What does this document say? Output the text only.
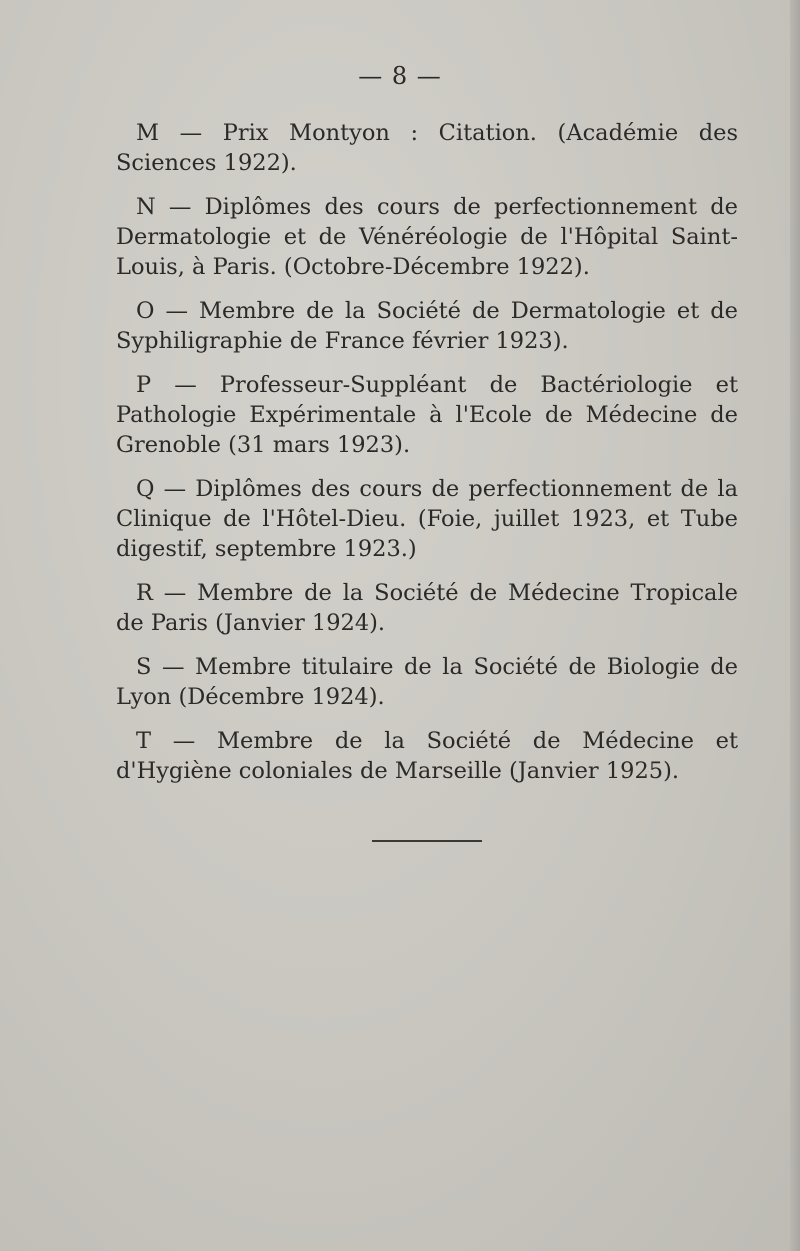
— 8 —

M — Prix Montyon : Citation. (Académie des Sciences 1922).

N — Diplômes des cours de perfectionnement de Dermatologie et de Vénéréologie de l'Hôpital Saint-Louis, à Paris. (Octobre-Décembre 1922).

O — Membre de la Société de Dermatologie et de Syphiligraphie de France février 1923).

P — Professeur-Suppléant de Bactériologie et Pathologie Expérimentale à l'Ecole de Médecine de Grenoble (31 mars 1923).

Q — Diplômes des cours de perfectionnement de la Clinique de l'Hôtel-Dieu. (Foie, juillet 1923, et Tube digestif, septembre 1923.)

R — Membre de la Société de Médecine Tropicale de Paris (Janvier 1924).

S — Membre titulaire de la Société de Biologie de Lyon (Décembre 1924).

T — Membre de la Société de Médecine et d'Hygiène coloniales de Marseille (Janvier 1925).
